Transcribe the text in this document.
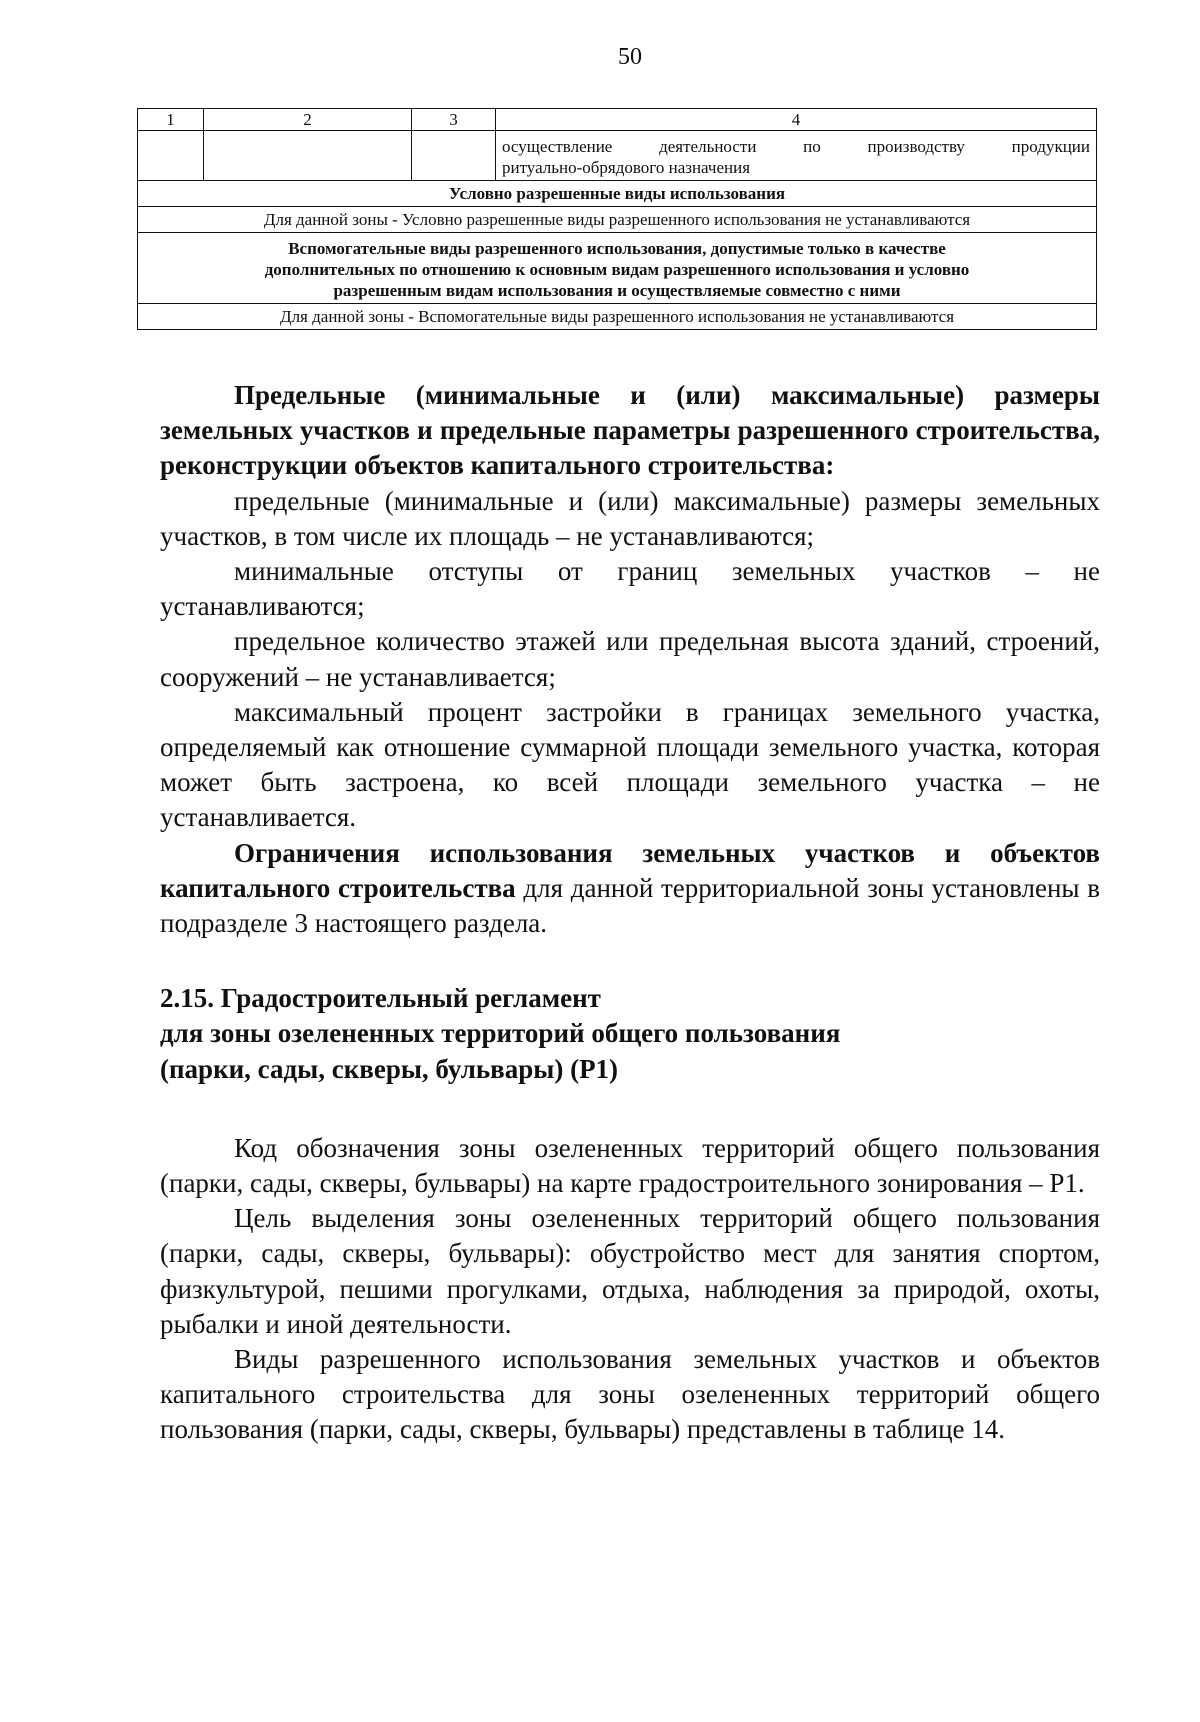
50
1	2	3	4

			осуществление деятельности по производству продукции
ритуально-обрядового назначения

Условно разрешенные виды использования			
Для данной зоны - Условно разрешенные виды разрешенного использования не устанавливаются			

Вспомогательные виды разрешенного использования, допустимые только в качестве
дополнительных по отношению к основным видам разрешенного использования и условно
разрешенным видам использования и осуществляемые совместно с ними			

Для данной зоны - Вспомогательные виды разрешенного использования не устанавливаются			

Предельные (минимальные и (или) максимальные) размеры земельных участков и предельные параметры разрешенного строительства, реконструкции объектов капитального строительства:

предельные (минимальные и (или) максимальные) размеры земельных участков, в том числе их площадь – не устанавливаются;

минимальные отступы от границ земельных участков – не устанавливаются;

предельное количество этажей или предельная высота зданий, строений, сооружений – не устанавливается;

максимальный процент застройки в границах земельного участка, определяемый как отношение суммарной площади земельного участка, которая может быть застроена, ко всей площади земельного участка – не устанавливается.

Ограничения использования земельных участков и объектов капитального строительства для данной территориальной зоны установлены в подразделе 3 настоящего раздела.

2.15. Градостроительный регламент

для зоны озелененных территорий общего пользования

(парки, сады, скверы, бульвары) (Р1)

Код обозначения зоны озелененных территорий общего пользования (парки, сады, скверы, бульвары) на карте градостроительного зонирования – Р1.

Цель выделения зоны озелененных территорий общего пользования (парки, сады, скверы, бульвары): обустройство мест для занятия спортом, физкультурой, пешими прогулками, отдыха, наблюдения за природой, охоты, рыбалки и иной деятельности.

Виды разрешенного использования земельных участков и объектов капитального строительства для зоны озелененных территорий общего пользования (парки, сады, скверы, бульвары) представлены в таблице 14.
